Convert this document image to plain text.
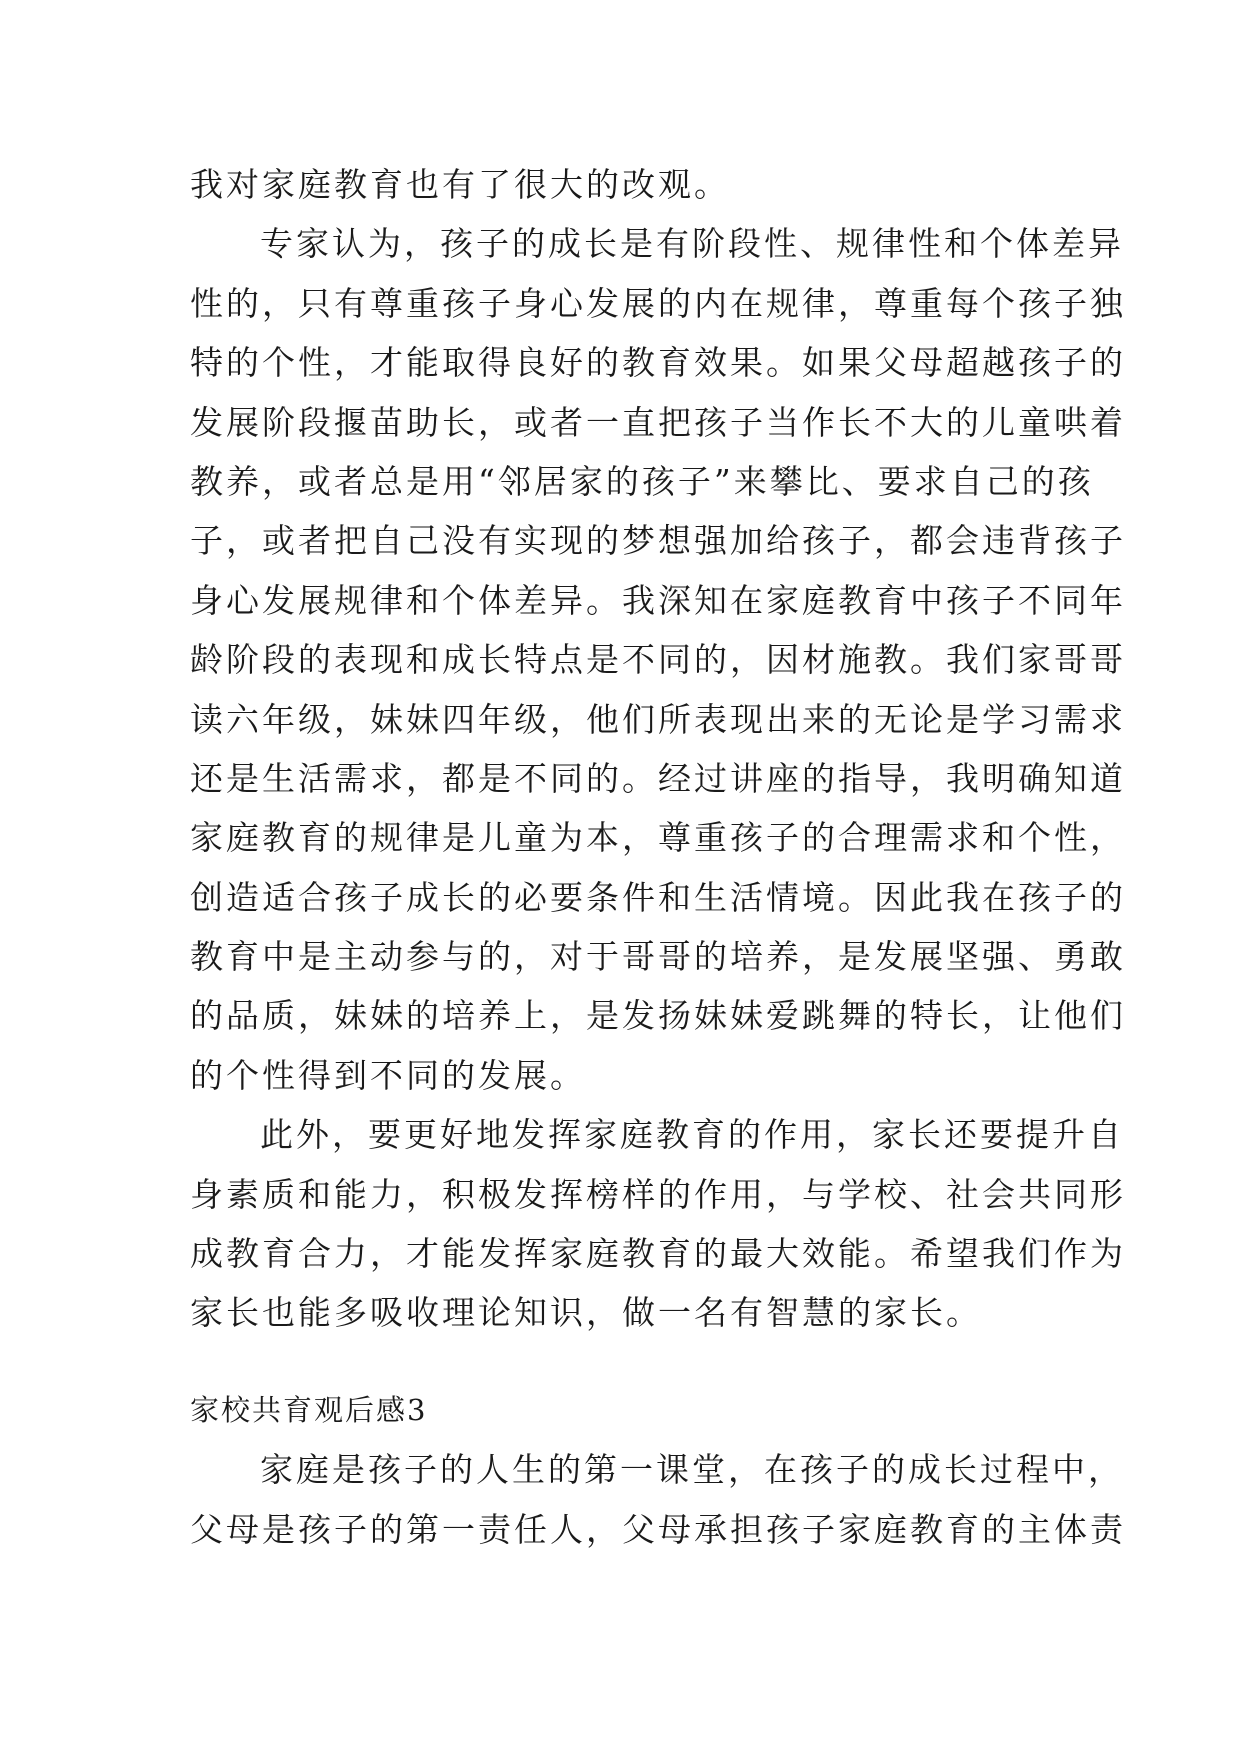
我对家庭教育也有了很大的改观。
专家认为，孩子的成长是有阶段性、规律性和个体差异
性的，只有尊重孩子身心发展的内在规律，尊重每个孩子独
特的个性，才能取得良好的教育效果。如果父母超越孩子的
发展阶段揠苗助长，或者一直把孩子当作长不大的儿童哄着
教养，或者总是用“邻居家的孩子”来攀比、要求自己的孩
子，或者把自己没有实现的梦想强加给孩子，都会违背孩子
身心发展规律和个体差异。我深知在家庭教育中孩子不同年
龄阶段的表现和成长特点是不同的，因材施教。我们家哥哥
读六年级，妹妹四年级，他们所表现出来的无论是学习需求
还是生活需求，都是不同的。经过讲座的指导，我明确知道
家庭教育的规律是儿童为本，尊重孩子的合理需求和个性，
创造适合孩子成长的必要条件和生活情境。因此我在孩子的
教育中是主动参与的，对于哥哥的培养，是发展坚强、勇敢
的品质，妹妹的培养上，是发扬妹妹爱跳舞的特长，让他们
的个性得到不同的发展。
此外，要更好地发挥家庭教育的作用，家长还要提升自
身素质和能力，积极发挥榜样的作用，与学校、社会共同形
成教育合力，才能发挥家庭教育的最大效能。希望我们作为
家长也能多吸收理论知识，做一名有智慧的家长。
家校共育观后感3
家庭是孩子的人生的第一课堂，在孩子的成长过程中，
父母是孩子的第一责任人，父母承担孩子家庭教育的主体责
